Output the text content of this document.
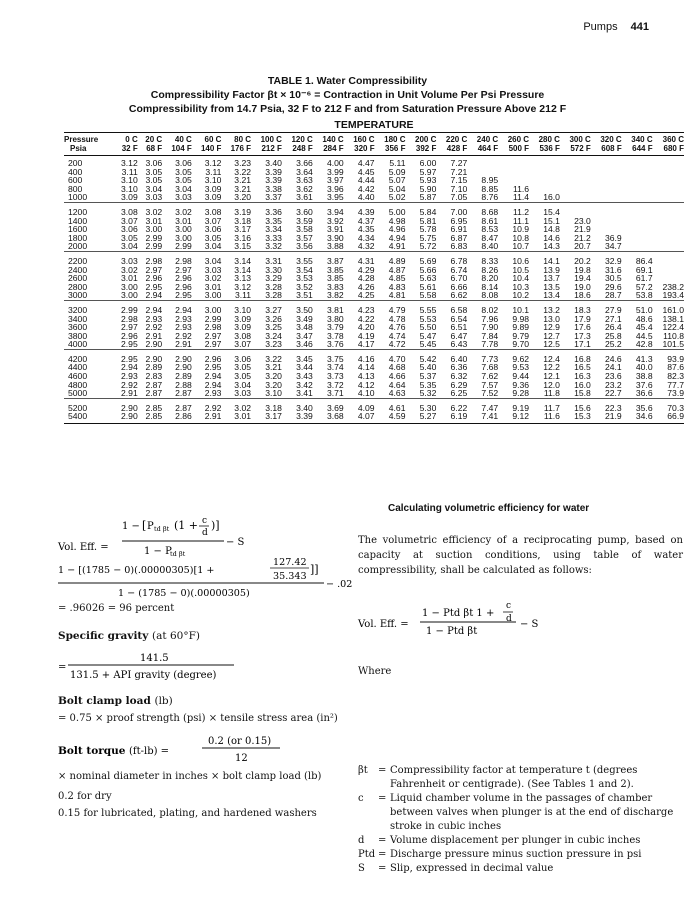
Pumps 441
TABLE 1. Water Compressibility
Compressibility Factor βt × 10⁻⁶ = Contraction in Unit Volume Per Psi Pressure
Compressibility from 14.7 Psia, 32 F to 212 F and from Saturation Pressure Above 212 F
TEMPERATURE
Pressure	0 C	20 C	40 C	60 C	80 C	100 C	120 C	140 C	160 C	180 C	200 C	220 C	240 C	260 C	280 C	300 C	320 C	340 C	360 C
Psia	32 F	68 F	104 F	140 F	176 F	212 F	248 F	284 F	320 F	356 F	392 F	428 F	464 F	500 F	536 F	572 F	608 F	644 F	680 F
200	3.12	3.06	3.06	3.12	3.23	3.40	3.66	4.00	4.47	5.11	6.00	7.27							
400	3.11	3.05	3.05	3.11	3.22	3.39	3.64	3.99	4.45	5.09	5.97	7.21							
600	3.10	3.05	3.05	3.10	3.21	3.39	3.63	3.97	4.44	5.07	5.93	7.15	8.95						
800	3.10	3.04	3.04	3.09	3.21	3.38	3.62	3.96	4.42	5.04	5.90	7.10	8.85	11.6					
1000	3.09	3.03	3.03	3.09	3.20	3.37	3.61	3.95	4.40	5.02	5.87	7.05	8.76	11.4	16.0				
1200	3.08	3.02	3.02	3.08	3.19	3.36	3.60	3.94	4.39	5.00	5.84	7.00	8.68	11.2	15.4				
1400	3.07	3.01	3.01	3.07	3.18	3.35	3.59	3.92	4.37	4.98	5.81	6.95	8.61	11.1	15.1	23.0			
1600	3.06	3.00	3.00	3.06	3.17	3.34	3.58	3.91	4.35	4.96	5.78	6.91	8.53	10.9	14.8	21.9			
1800	3.05	2.99	3.00	3.05	3.16	3.33	3.57	3.90	4.34	4.94	5.75	6.87	8.47	10.8	14.6	21.2	36.9		
2000	3.04	2.99	2.99	3.04	3.15	3.32	3.56	3.88	4.32	4.91	5.72	6.83	8.40	10.7	14.3	20.7	34.7		
2200	3.03	2.98	2.98	3.04	3.14	3.31	3.55	3.87	4.31	4.89	5.69	6.78	8.33	10.6	14.1	20.2	32.9	86.4	
2400	3.02	2.97	2.97	3.03	3.14	3.30	3.54	3.85	4.29	4.87	5.66	6.74	8.26	10.5	13.9	19.8	31.6	69.1	
2600	3.01	2.96	2.96	3.02	3.13	3.29	3.53	3.85	4.28	4.85	5.63	6.70	8.20	10.4	13.7	19.4	30.5	61.7	
2800	3.00	2.95	2.96	3.01	3.12	3.28	3.52	3.83	4.26	4.83	5.61	6.66	8.14	10.3	13.5	19.0	29.6	57.2	238.2
3000	3.00	2.94	2.95	3.00	3.11	3.28	3.51	3.82	4.25	4.81	5.58	6.62	8.08	10.2	13.4	18.6	28.7	53.8	193.4
3200	2.99	2.94	2.94	3.00	3.10	3.27	3.50	3.81	4.23	4.79	5.55	6.58	8.02	10.1	13.2	18.3	27.9	51.0	161.0
3400	2.98	2.93	2.93	2.99	3.09	3.26	3.49	3.80	4.22	4.78	5.53	6.54	7.96	9.98	13.0	17.9	27.1	48.6	138.1
3600	2.97	2.92	2.93	2.98	3.09	3.25	3.48	3.79	4.20	4.76	5.50	6.51	7.90	9.89	12.9	17.6	26.4	45.4	122.4
3800	2.96	2.91	2.92	2.97	3.08	3.24	3.47	3.78	4.19	4.74	5.47	6.47	7.84	9.79	12.7	17.3	25.8	44.5	110.8
4000	2.95	2.90	2.91	2.97	3.07	3.23	3.46	3.76	4.17	4.72	5.45	6.43	7.78	9.70	12.5	17.1	25.2	42.8	101.5
4200	2.95	2.90	2.90	2.96	3.06	3.22	3.45	3.75	4.16	4.70	5.42	6.40	7.73	9.62	12.4	16.8	24.6	41.3	93.9
4400	2.94	2.89	2.90	2.95	3.05	3.21	3.44	3.74	4.14	4.68	5.40	6.36	7.68	9.53	12.2	16.5	24.1	40.0	87.6
4600	2.93	2.83	2.89	2.94	3.05	3.20	3.43	3.73	4.13	4.66	5.37	6.32	7.62	9.44	12.1	16.3	23.6	38.8	82.3
4800	2.92	2.87	2.88	2.94	3.04	3.20	3.42	3.72	4.12	4.64	5.35	6.29	7.57	9.36	12.0	16.0	23.2	37.6	77.7
5000	2.91	2.87	2.87	2.93	3.03	3.10	3.41	3.71	4.10	4.63	5.32	6.25	7.52	9.28	11.8	15.8	22.7	36.6	73.9
5200	2.90	2.85	2.87	2.92	3.02	3.18	3.40	3.69	4.09	4.61	5.30	6.22	7.47	9.19	11.7	15.6	22.3	35.6	70.3
5400	2.90	2.85	2.86	2.91	3.01	3.17	3.39	3.68	4.07	4.59	5.27	6.19	7.41	9.12	11.6	15.3	21.9	34.6	66.9
Vol. Eff. =
1 − [ P td βt (1 + c
d
)]
1 − P
td βt
− S
1 − [(1785 − 0)(.00000305)[1 +
127.42
35.343
]]
1 − (1785 − 0)(.00000305)
− .02
= .96026 = 96 percent
Specific gravity (at 60°F)
=
141.5
131.5 + API gravity (degree)
Bolt clamp load (lb)
= 0.75 × proof strength (psi) × tensile stress area (in²)
Bolt torque (ft-lb) =
0.2 (or 0.15)
12
× nominal diameter in inches × bolt clamp load (lb)
0.2 for dry
0.15 for lubricated, plating, and hardened washers
Calculating volumetric efficiency for water
The volumetric efficiency of a reciprocating pump, based on capacity at suction conditions, using table of water compressibility, shall be calculated as follows:
Vol. Eff. =
1 − Ptd βt 1 +
c
d
1 − Ptd βt
− S
Where
βt	= Compressibility factor at temperature t (degrees Fahrenheit or centigrade). (See Tables 1 and 2).
c	= Liquid chamber volume in the passages of chamber between valves when plunger is at the end of discharge stroke in cubic inches
d	= Volume displacement per plunger in cubic inches
Ptd = Discharge pressure minus suction pressure in psi
S	= Slip, expressed in decimal value
